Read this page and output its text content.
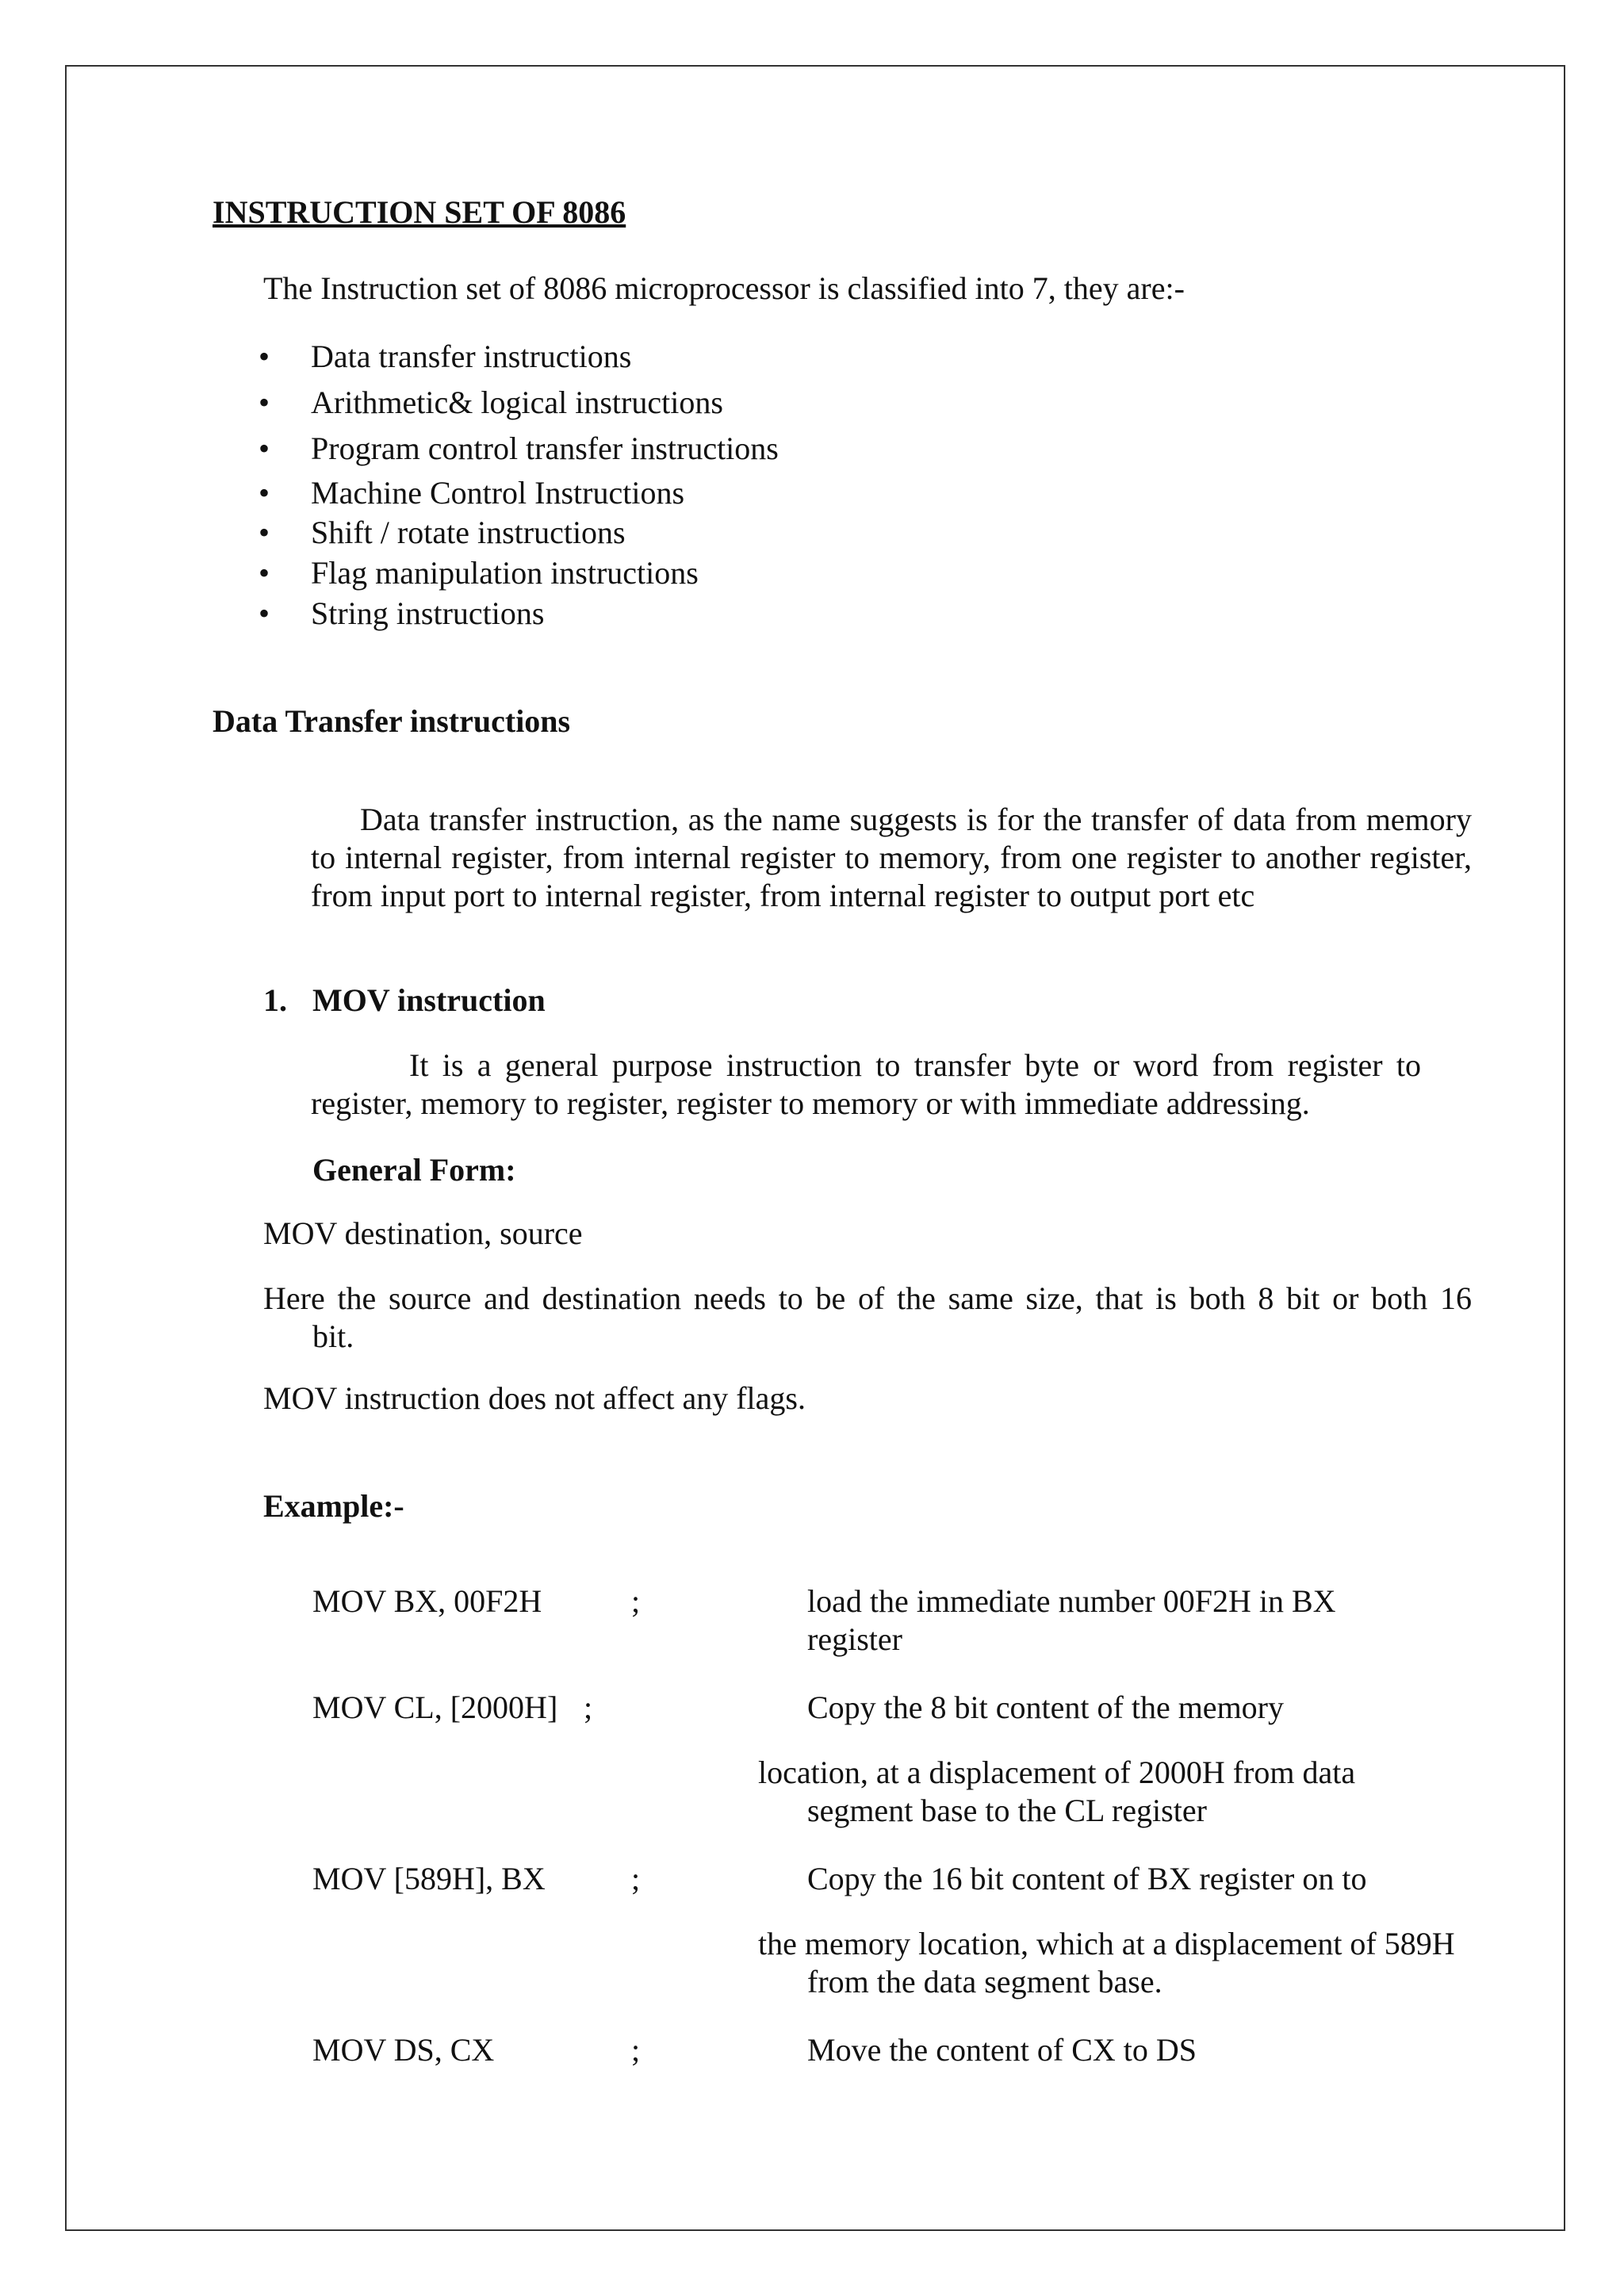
INSTRUCTION SET OF 8086
The Instruction set of 8086 microprocessor is classified into 7, they are:-
• Data transfer instructions
• Arithmetic& logical instructions
• Program control transfer instructions
• Machine Control Instructions
• Shift / rotate instructions
• Flag manipulation instructions
• String instructions
Data Transfer instructions
Data transfer instruction, as the name suggests is for the transfer of data from memory to internal register, from internal register to memory, from one register to another register, from input port to internal register, from internal register to output port etc
1. MOV instruction
It is a general purpose instruction to transfer byte or word from register to register, memory to register, register to memory or with immediate addressing.
General Form:
MOV destination, source
Here the source and destination needs to be of the same size, that is both 8 bit or both 16
bit.
MOV instruction does not affect any flags.
Example:-
MOV BX, 00F2H	;	load the immediate number 00F2H in BX
register
MOV CL, [2000H] ;	Copy the 8 bit content of the memory
location, at a displacement of 2000H from data
segment base to the CL register
MOV [589H], BX	;	Copy the 16 bit content of BX register on to
the memory location, which at a displacement of 589H
from the data segment base.
MOV DS, CX	;	Move the content of CX to DS
